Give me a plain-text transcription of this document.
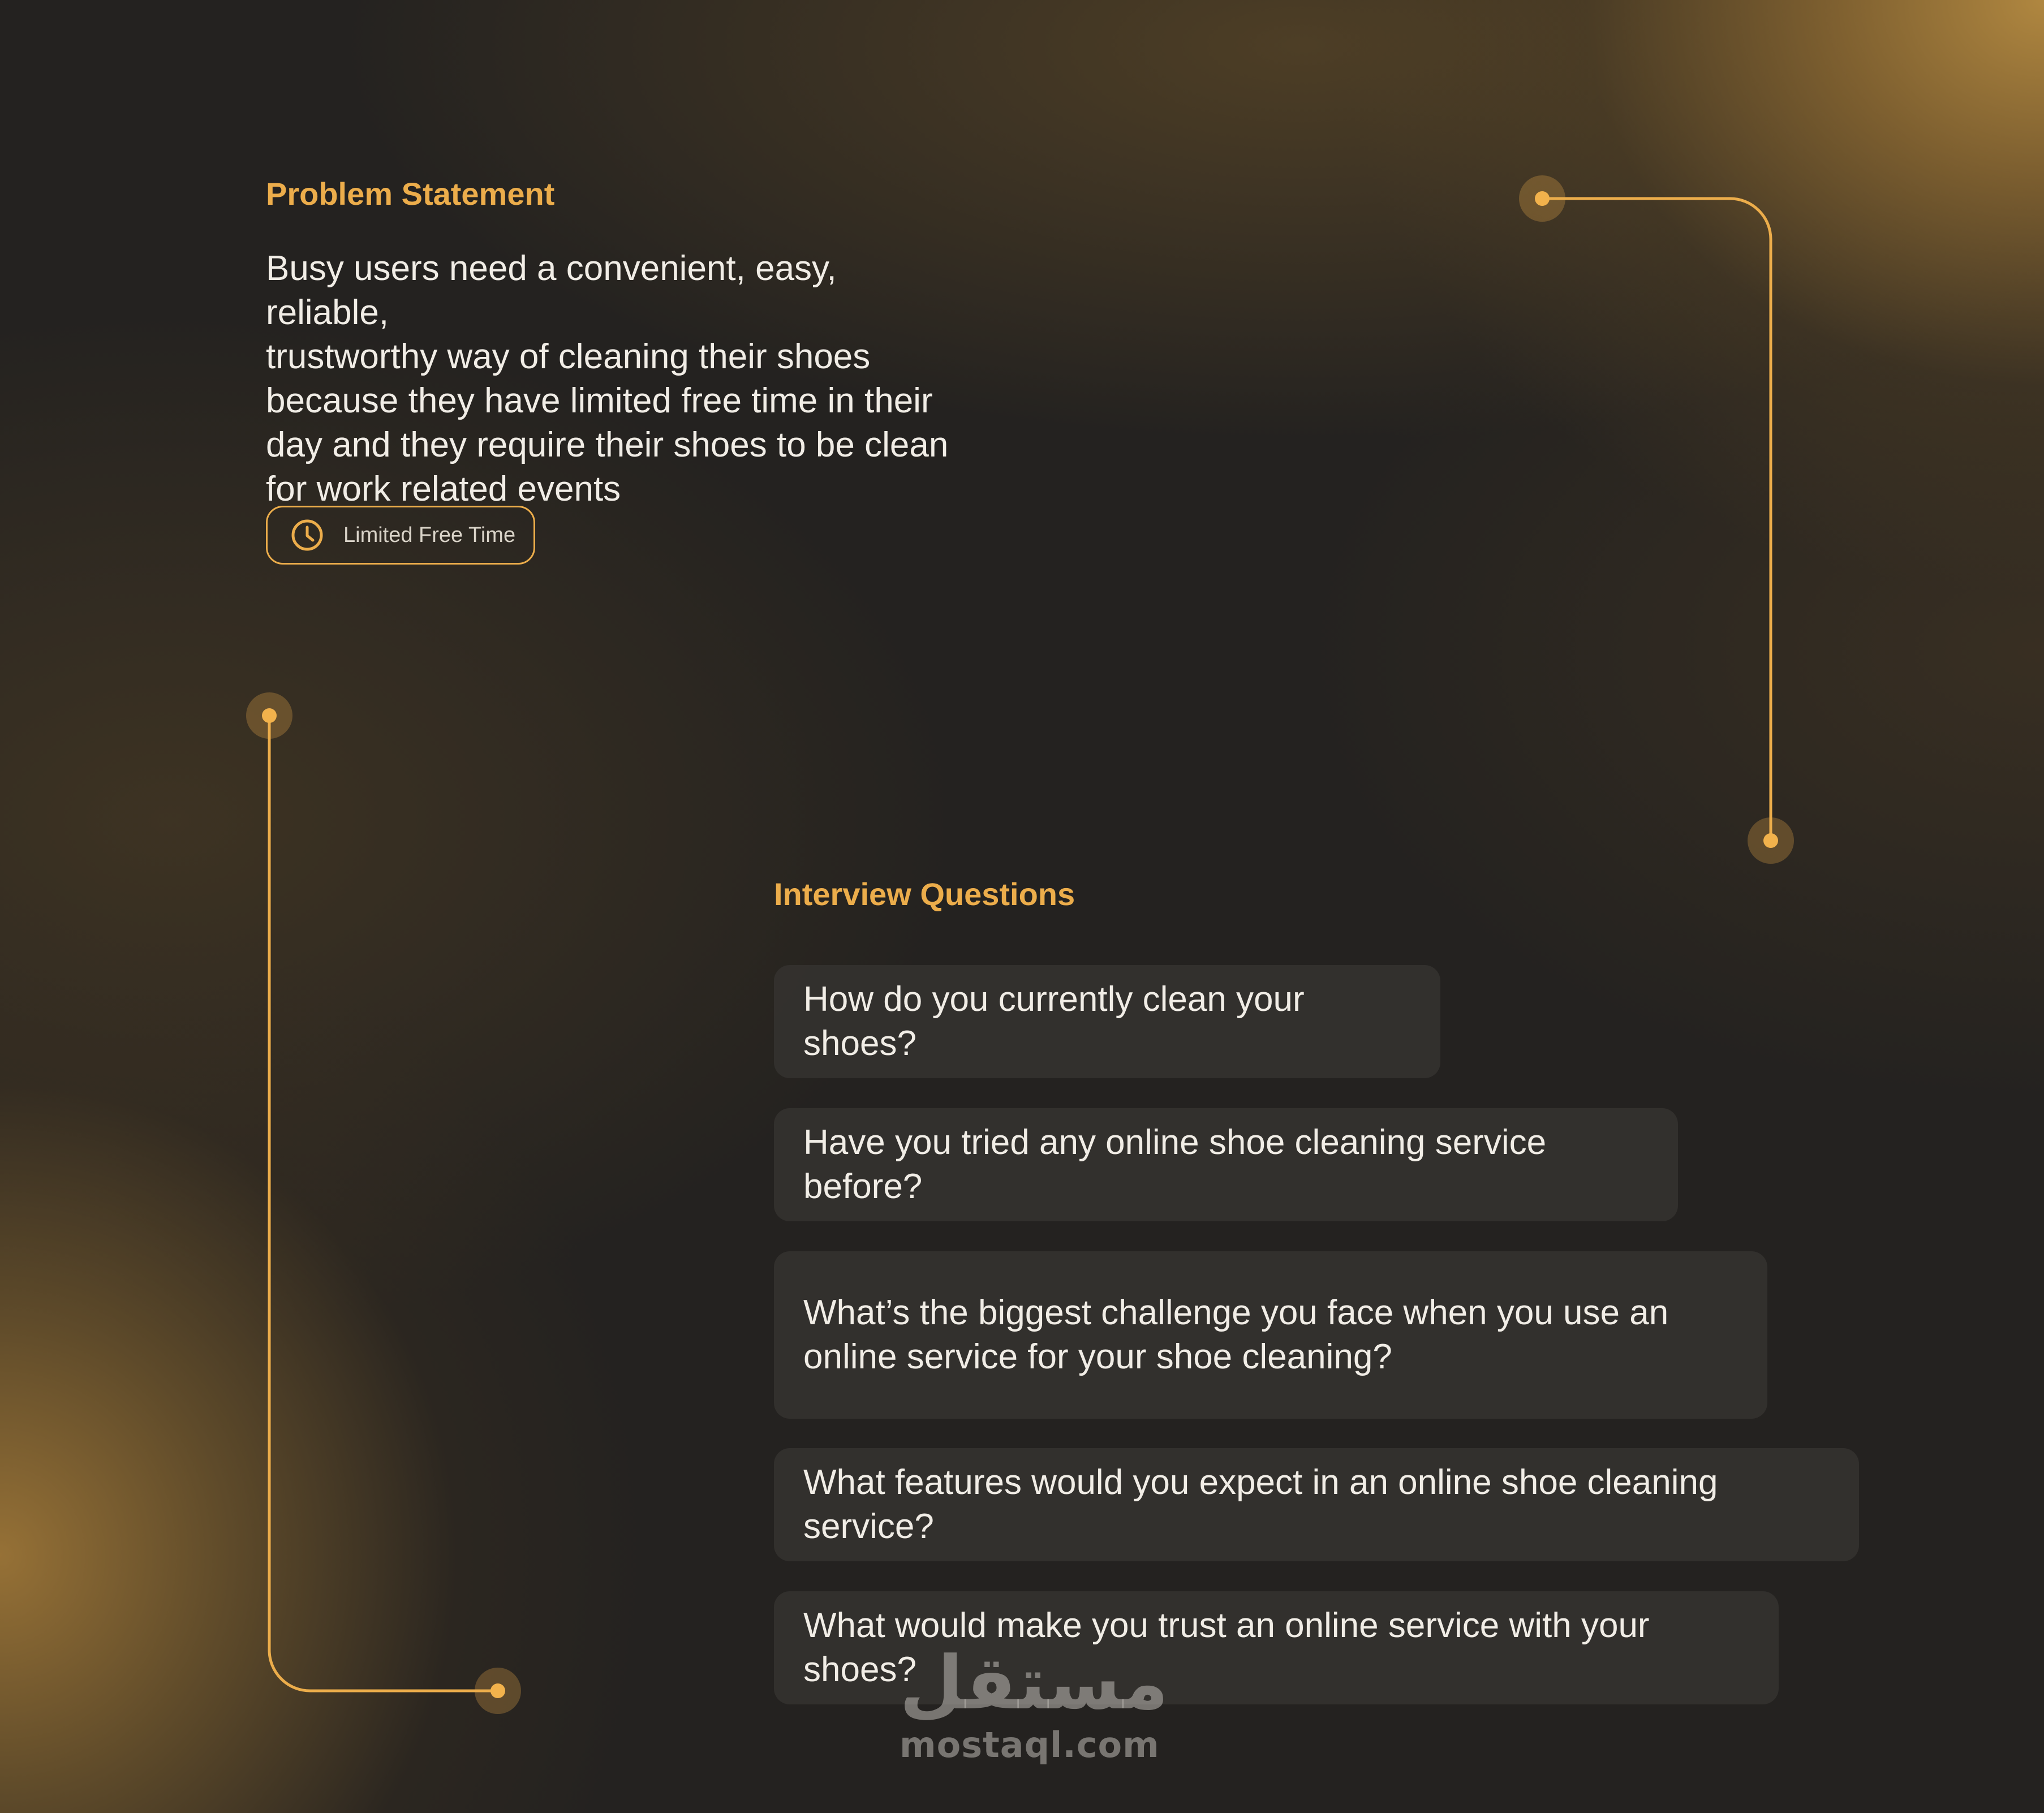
Problem Statement

Busy users need a convenient, easy, reliable,
trustworthy way of cleaning their shoes
because they have limited free time in their
day and they require their shoes to be clean
for work related events

Limited Free Time
Interview Questions
How do you currently clean your shoes?
Have you tried any online shoe cleaning service before?
What’s the biggest challenge you face when you use an
online service for your shoe cleaning?
What features would you expect in an online shoe cleaning service?
What would make you trust an online service with your shoes?
مستقل
mostaql.com
